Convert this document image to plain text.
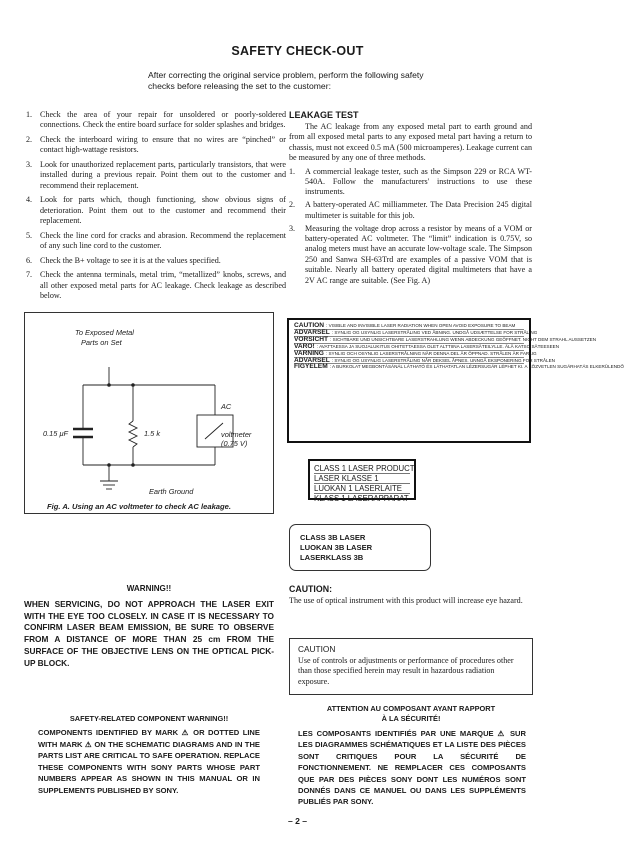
SAFETY CHECK-OUT
After correcting the original service problem, perform the following safety checks before releasing the set to the customer:
1. Check the area of your repair for unsoldered or poorly-soldered connections. Check the entire board surface for solder splashes and bridges.
2. Check the interboard wiring to ensure that no wires are “pinched” or contact high-wattage resistors.
3. Look for unauthorized replacement parts, particularly transistors, that were installed during a previous repair. Point them out to the customer and recommend their replacement.
4. Look for parts which, though functioning, show obvious signs of deterioration. Point them out to the customer and recommend their replacement.
5. Check the line cord for cracks and abrasion. Recommend the replacement of any such line cord to the customer.
6. Check the B+ voltage to see it is at the values specified.
7. Check the antenna terminals, metal trim, “metallized” knobs, screws, and all other exposed metal parts for AC leakage. Check leakage as described below.
LEAKAGE TEST
The AC leakage from any exposed metal part to earth ground and from all exposed metal parts to any exposed metal part having a return to chassis, must not exceed 0.5 mA (500 microamperes). Leakage current can be measured by any one of three methods.
1. A commercial leakage tester, such as the Simpson 229 or RCA WT-540A. Follow the manufacturers' instructions to use these instruments.
2. A battery-operated AC milliammeter. The Data Precision 245 digital multimeter is suitable for this job.
3. Measuring the voltage drop across a resistor by means of a VOM or battery-operated AC voltmeter. The “limit” indication is 0.75V, so analog meters must have an accurate low-voltage scale. The Simpson 250 and Sanwa SH-63Trd are examples of a passive VOM that is suitable. Nearly all battery operated digital multimeters that have a 2V AC range are suitable. (See Fig. A)
To Exposed Metal
Parts on Set
0.15 μF	1.5 k
AC
voltmeter
(0.75 V)
Earth Ground
Fig. A. Using an AC voltmeter to check AC leakage.
CAUTION : VISIBLE AND INVISIBLE LASER RADIATION WHEN OPEN AVOID EXPOSURE TO BEAM
ADVARSEL : SYNLIG OG USYNLIG LASERSTRÅLING VED ÅBNING. UNDGÅ UDSÆTTELSE FOR STRÅLING
VORSICHT : SICHTBARE UND UNSICHTBARE LASERSTRAHLUNG WENN ABDECKUNG GEÖFFNET. NICHT DEM STRAHL AUSSETZEN
VARO! : AVATTAESSA JA SUOJALUKITUS OHITETTAESSA OLET ALTTIINA LASERSÄTEILYLLE. ÄLÄ KATSO SÄTEESEEN
VARNING : SYNLIG OCH OSYNLIG LASERSTRÅLNING NÄR DENNA DEL ÄR ÖPPNAD. STRÅLEN ÄR FARLIG
ADVARSEL : SYNLIG OG USYNLIG LASERSTRÅLING NÅR DEKSEL ÅPNES. UNNGÅ EKSPONERING FOR STRÅLEN
FIGYELEM : A BURKOLAT MEGBONTÁSÁNÁL LÁTHATÓ ÉS LÁTHATATLAN LÉZERSUGÁR LÉPHET KI. A KÖZVETLEN SUGÁRHATÁS ELKERÜLENDŐ
CLASS 1 LASER PRODUCT
LASER KLASSE 1
LUOKAN 1 LASERLAITE
KLASS 1 LASERAPPARAT
CLASS 3B LASER
LUOKAN 3B LASER
LASERKLASS 3B
WARNING!!
WHEN SERVICING, DO NOT APPROACH THE LASER EXIT WITH THE EYE TOO CLOSELY. IN CASE IT IS NECESSARY TO CONFIRM LASER BEAM EMISSION, BE SURE TO OBSERVE FROM A DISTANCE OF MORE THAN 25 cm FROM THE SURFACE OF THE OBJECTIVE LENS ON THE OPTICAL PICK-UP BLOCK.
CAUTION:
The use of optical instrument with this product will increase eye hazard.
CAUTION
Use of controls or adjustments or performance of procedures other than those specified herein may result in hazardous radiation exposure.
SAFETY-RELATED COMPONENT WARNING!!
COMPONENTS IDENTIFIED BY MARK ⚠ OR DOTTED LINE WITH MARK ⚠ ON THE SCHEMATIC DIAGRAMS AND IN THE PARTS LIST ARE CRITICAL TO SAFE OPERATION. REPLACE THESE COMPONENTS WITH SONY PARTS WHOSE PART NUMBERS APPEAR AS SHOWN IN THIS MANUAL OR IN SUPPLEMENTS PUBLISHED BY SONY.
ATTENTION AU COMPOSANT AYANT RAPPORT
À LA SÉCURITÉ!
LES COMPOSANTS IDENTIFIÉS PAR UNE MARQUE ⚠ SUR LES DIAGRAMMES SCHÉMATIQUES ET LA LISTE DES PIÈCES SONT CRITIQUES POUR LA SÉCURITÉ DE FONCTIONNEMENT. NE REMPLACER CES COMPOSANTS QUE PAR DES PIÈCES SONY DONT LES NUMÉROS SONT DONNÉS DANS CE MANUEL OU DANS LES SUPPLÉMENTS PUBLIÉS PAR SONY.
– 2 –
